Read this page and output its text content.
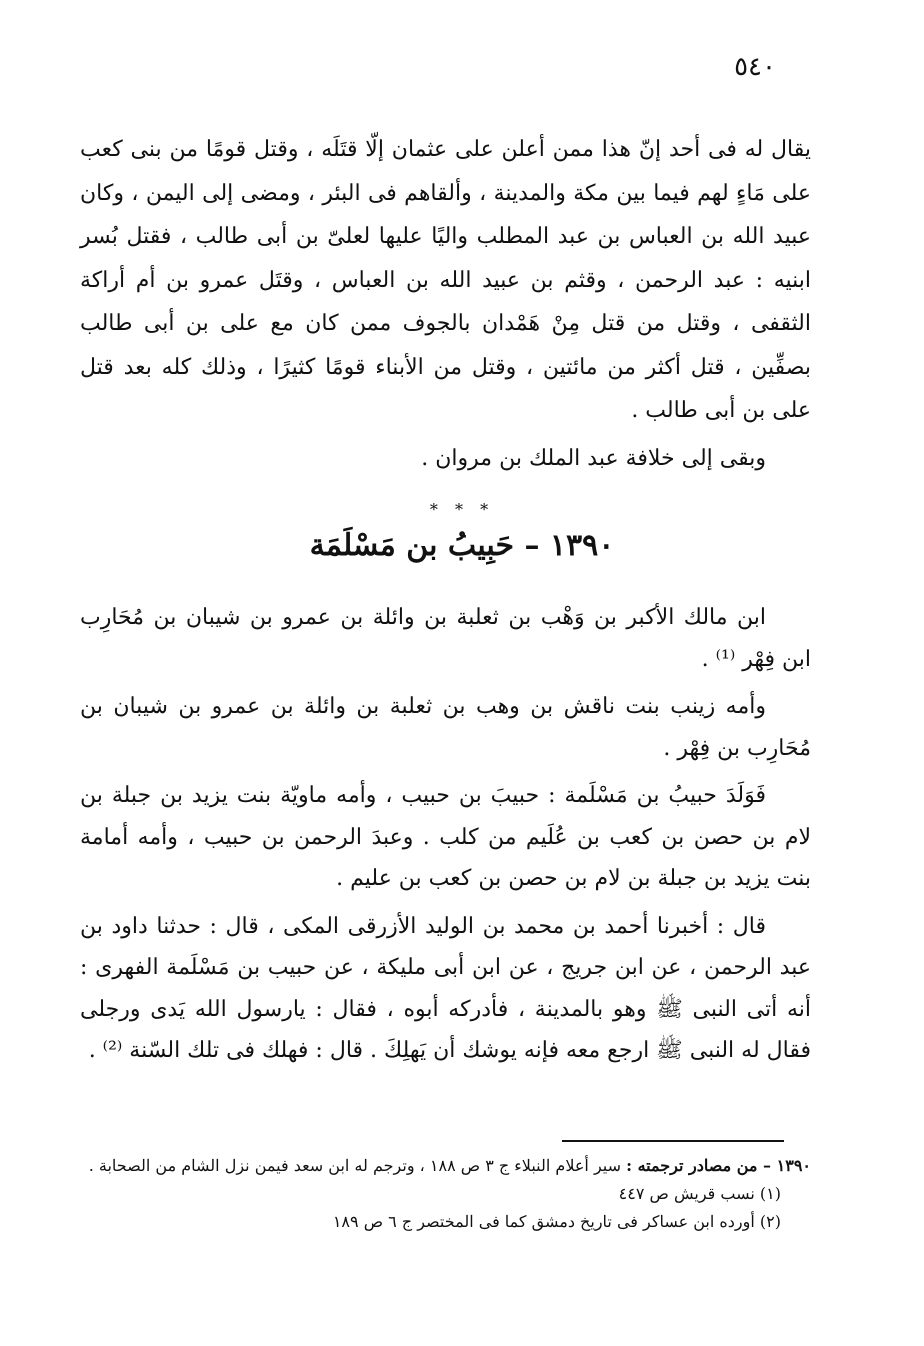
٥٤٠
يقال له فى أحد إنّ هذا ممن أعلن على عثمان إلّا قتَلَه ، وقتل قومًا من بنى كعب على مَاءٍ لهم فيما بين مكة والمدينة ، وألقاهم فى البئر ، ومضى إلى اليمن ، وكان عبيد الله بن العباس بن عبد المطلب واليًا عليها لعلىّ بن أبى طالب ، فقتل بُسر ابنيه : عبد الرحمن ، وقثم بن عبيد الله بن العباس ، وقتَل عمرو بن أم أراكة الثقفى ، وقتل من قتل مِنْ هَمْدان بالجوف ممن كان مع على بن أبى طالب بصفِّين ، قتل أكثر من مائتين ، وقتل من الأبناء قومًا كثيرًا ، وذلك كله بعد قتل على بن أبى طالب .
وبقى إلى خلافة عبد الملك بن مروان .
* * *
١٣٩٠ – حَبِيبُ بن مَسْلَمَة

ابن مالك الأكبر بن وَهْب بن ثعلبة بن وائلة بن عمرو بن شيبان بن مُحَارِب ابن فِهْر ⁽¹⁾ .

وأمه زينب بنت ناقش بن وهب بن ثعلبة بن وائلة بن عمرو بن شيبان بن مُحَارِب بن فِهْر .

فَوَلَدَ حبيبُ بن مَسْلَمة : حبيبَ بن حبيب ، وأمه ماويّة بنت يزيد بن جبلة بن لام بن حصن بن كعب بن عُلَيم من كلب . وعبدَ الرحمن بن حبيب ، وأمه أمامة بنت يزيد بن جبلة بن لام بن حصن بن كعب بن عليم .

قال : أخبرنا أحمد بن محمد بن الوليد الأزرقى المكى ، قال : حدثنا داود بن عبد الرحمن ، عن ابن جريج ، عن ابن أبى مليكة ، عن حبيب بن مَسْلَمة الفهرى : أنه أتى النبى ﷺ وهو بالمدينة ، فأدركه أبوه ، فقال : يارسول الله يَدى ورجلى فقال له النبى ﷺ ارجع معه فإنه يوشك أن يَهلِكَ . قال : فهلك فى تلك السّنة ⁽²⁾ .

١٣٩٠ – من مصادر ترجمته : سير أعلام النبلاء ج ٣ ص ١٨٨ ، وترجم له ابن سعد فيمن نزل الشام من الصحابة .

(١) نسب قريش ص ٤٤٧

(٢) أورده ابن عساكر فى تاريخ دمشق كما فى المختصر ج ٦ ص ١٨٩
